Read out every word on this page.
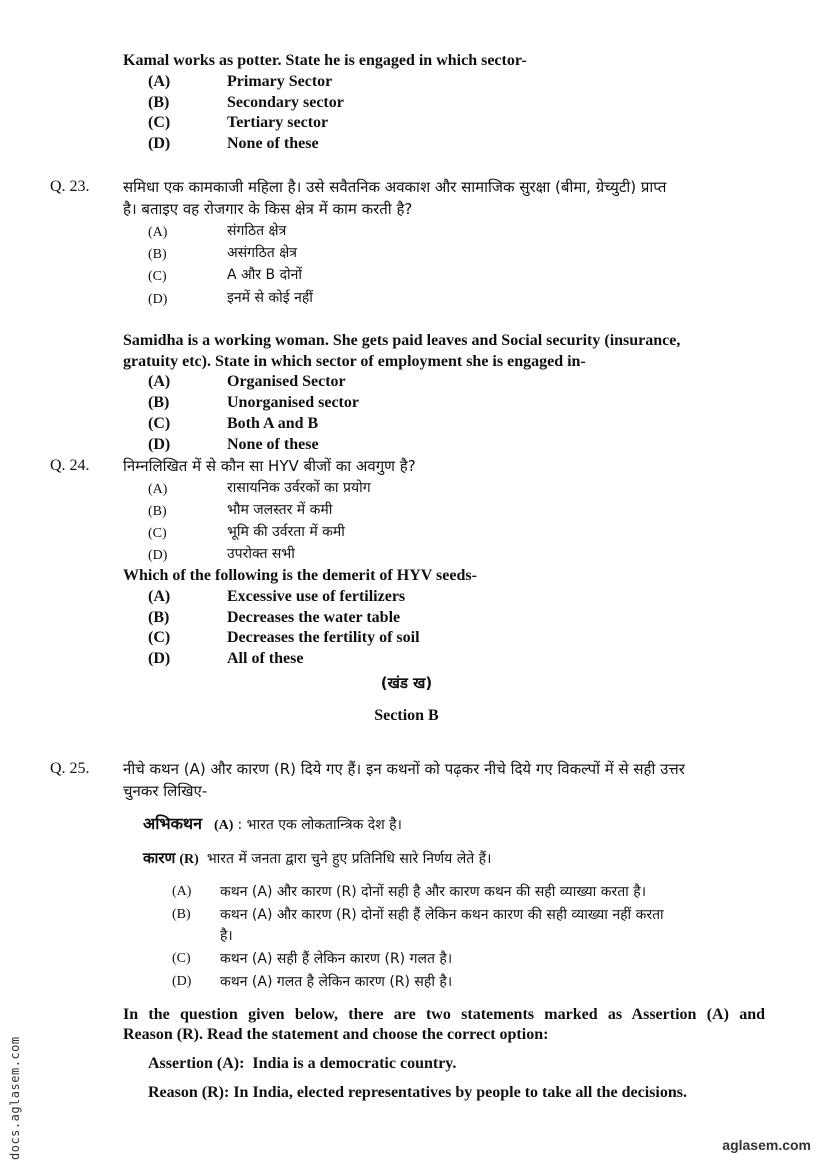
Kamal works as potter. State he is engaged in which sector-
(A)	Primary Sector
(B)	Secondary sector
(C)	Tertiary sector
(D)	None of these
Q. 23. समिधा एक कामकाजी महिला है। उसे सवैतनिक अवकाश और सामाजिक सुरक्षा (बीमा, ग्रेच्युटी) प्राप्त
है। बताइए वह रोजगार के किस क्षेत्र में काम करती है?
(A)	संगठित क्षेत्र
(B)	असंगठित क्षेत्र
(C)	A और B दोनों
(D)	इनमें से कोई नहीं
Samidha is a working woman. She gets paid leaves and Social security (insurance,
gratuity etc). State in which sector of employment she is engaged in-
(A)	Organised Sector
(B)	Unorganised sector
(C)	Both A and B
(D)	None of these
Q. 24. निम्नलिखित में से कौन सा HYV बीजों का अवगुण है?
(A)	रासायनिक उर्वरकों का प्रयोग
(B)	भौम जलस्तर में कमी
(C)	भूमि की उर्वरता में कमी
(D)	उपरोक्त सभी
Which of the following is the demerit of HYV seeds-
(A)	Excessive use of fertilizers
(B)	Decreases the water table
(C)	Decreases the fertility of soil
(D)	All of these
(खंड ख)
Section B
Q. 25. नीचे कथन (A) और कारण (R) दिये गए हैं। इन कथनों को पढ़कर नीचे दिये गए विकल्पों में से सही उत्तर
चुनकर लिखिए-
अभिकथन (A) : भारत एक लोकतान्त्रिक देश है।
कारण (R) भारत में जनता द्वारा चुने हुए प्रतिनिधि सारे निर्णय लेते हैं।
(A) कथन (A) और कारण (R) दोनों सही है और कारण कथन की सही व्याख्या करता है।
(B) कथन (A) और कारण (R) दोनों सही हैं लेकिन कथन कारण की सही व्याख्या नहीं करता
है।
(C) कथन (A) सही हैं लेकिन कारण (R) गलत है।
(D) कथन (A) गलत है लेकिन कारण (R) सही है।
In the question given below, there are two statements marked as Assertion (A) and
Reason (R). Read the statement and choose the correct option:
Assertion (A): India is a democratic country.
Reason (R): In India, elected representatives by people to take all the decisions.
docs.aglasem.com	aglasem.com
